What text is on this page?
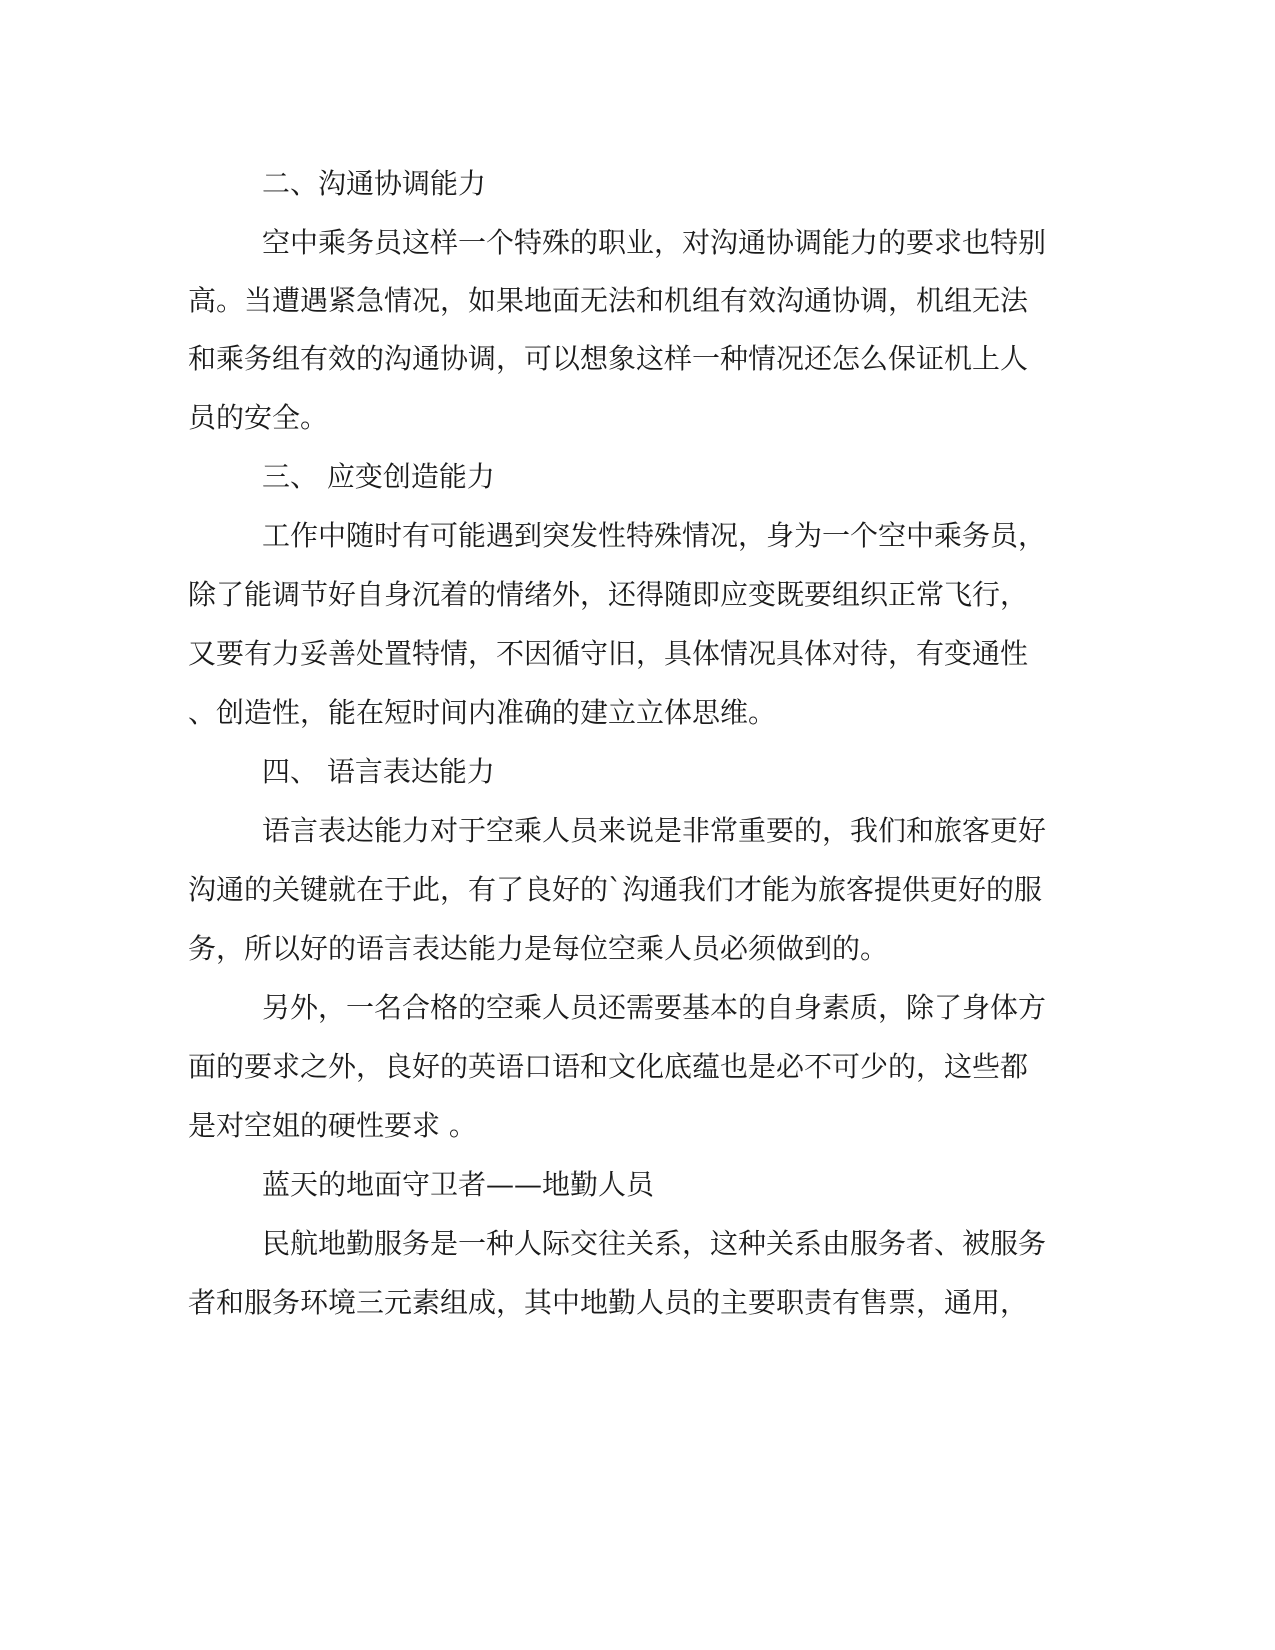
二、沟通协调能力
空中乘务员这样一个特殊的职业，对沟通协调能力的要求也特别
高。当遭遇紧急情况，如果地面无法和机组有效沟通协调，机组无法
和乘务组有效的沟通协调，可以想象这样一种情况还怎么保证机上人
员的安全。
三、 应变创造能力
工作中随时有可能遇到突发性特殊情况，身为一个空中乘务员，
除了能调节好自身沉着的情绪外，还得随即应变既要组织正常飞行，
又要有力妥善处置特情，不因循守旧，具体情况具体对待，有变通性
、创造性，能在短时间内准确的建立立体思维。
四、 语言表达能力
语言表达能力对于空乘人员来说是非常重要的，我们和旅客更好
沟通的关键就在于此，有了良好的`沟通我们才能为旅客提供更好的服
务，所以好的语言表达能力是每位空乘人员必须做到的。
另外，一名合格的空乘人员还需要基本的自身素质，除了身体方
面的要求之外，良好的英语口语和文化底蕴也是必不可少的，这些都
是对空姐的硬性要求 。
蓝天的地面守卫者——地勤人员
民航地勤服务是一种人际交往关系，这种关系由服务者、被服务
者和服务环境三元素组成，其中地勤人员的主要职责有售票，通用，
